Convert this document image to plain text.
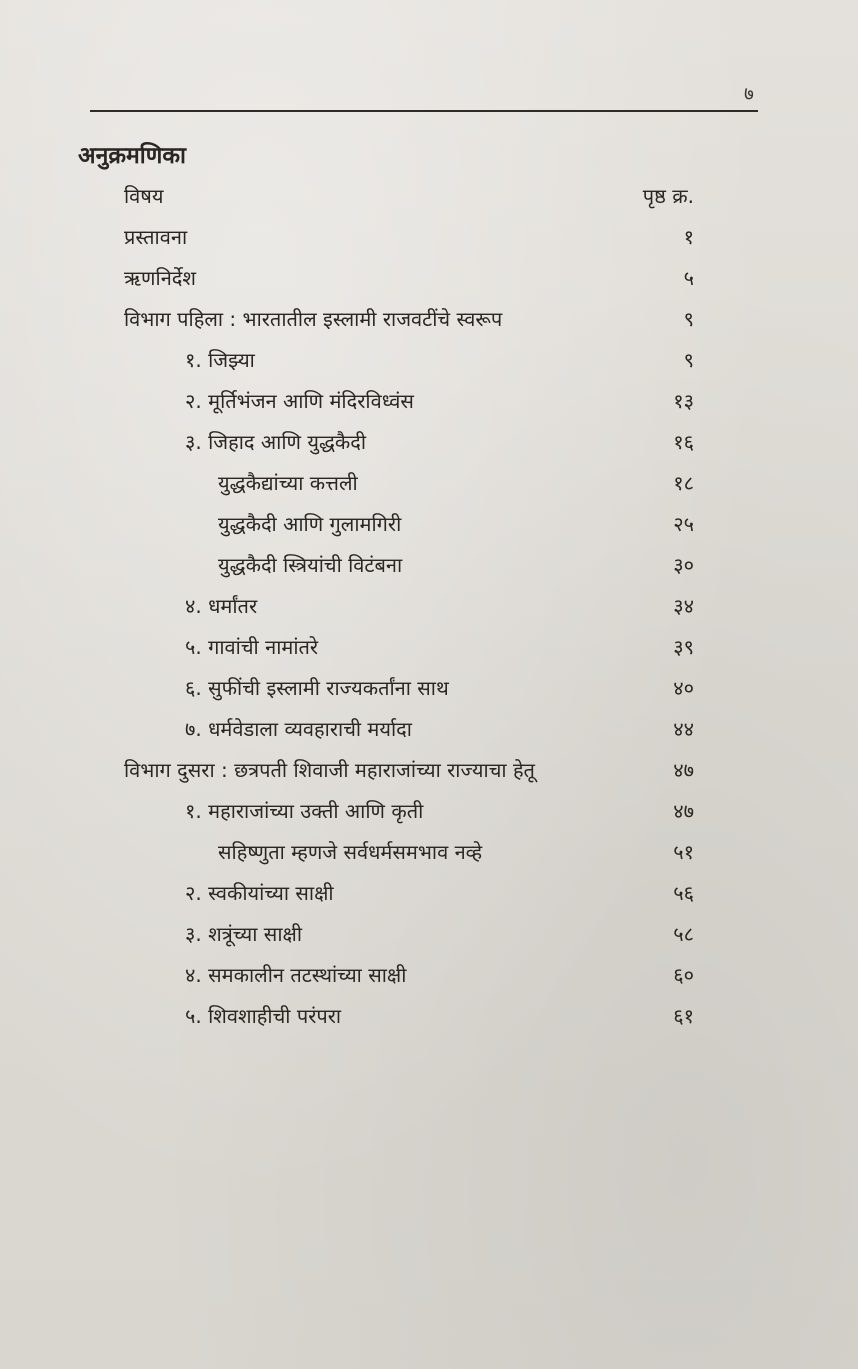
७
अनुक्रमणिका
विषय	पृष्ठ क्र.
प्रस्तावना	१
ऋणनिर्देश	५
विभाग पहिला : भारतातील इस्लामी राजवटींचे स्वरूप	९
१. जिझ्या	९
२. मूर्तिभंजन आणि मंदिरविध्वंस	१३
३. जिहाद आणि युद्धकैदी	१६
युद्धकैद्यांच्या कत्तली	१८
युद्धकैदी आणि गुलामगिरी	२५
युद्धकैदी स्त्रियांची विटंबना	३०
४. धर्मांतर	३४
५. गावांची नामांतरे	३९
६. सुफींची इस्लामी राज्यकर्तांना साथ	४०
७. धर्मवेडाला व्यवहाराची मर्यादा	४४
विभाग दुसरा : छत्रपती शिवाजी महाराजांच्या राज्याचा हेतू	४७
१. महाराजांच्या उक्ती आणि कृती	४७
सहिष्णुता म्हणजे सर्वधर्मसमभाव नव्हे	५१
२. स्वकीयांच्या साक्षी	५६
३. शत्रूंच्या साक्षी	५८
४. समकालीन तटस्थांच्या साक्षी	६०
५. शिवशाहीची परंपरा	६१
